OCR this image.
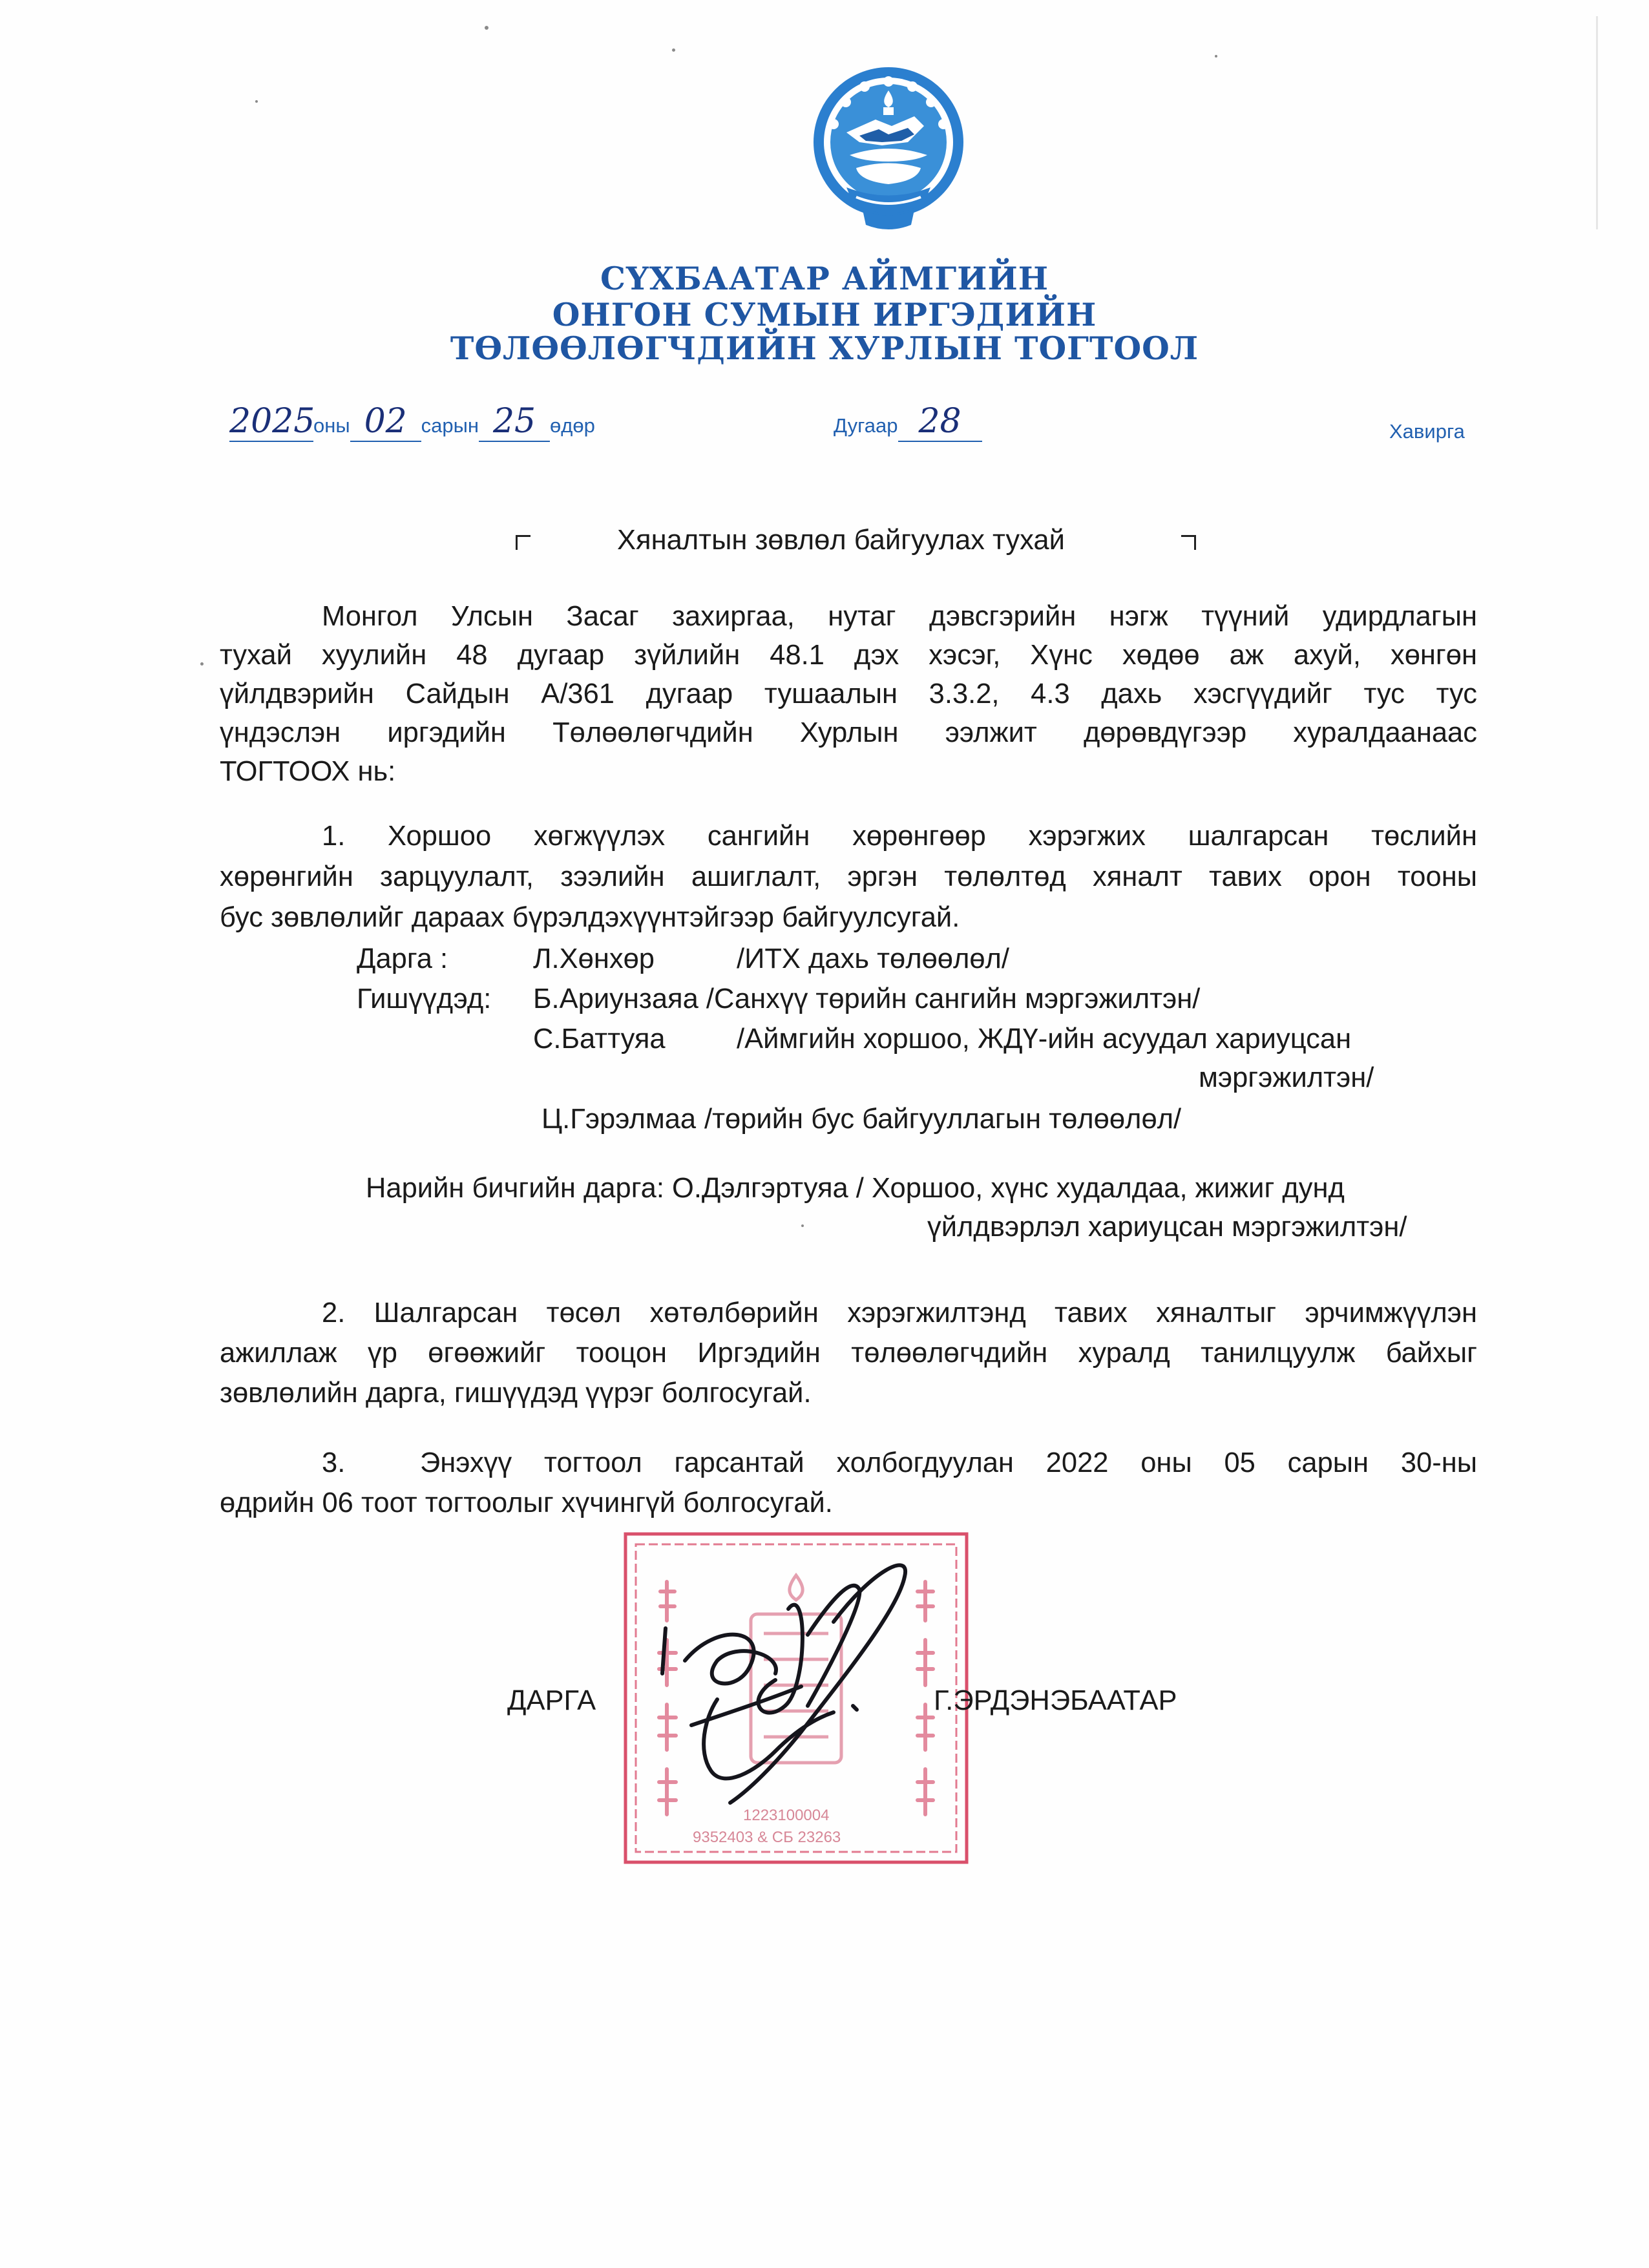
СҮХБААТАР АЙМГИЙН
ОНГОН СУМЫН ИРГЭДИЙН
ТӨЛӨӨЛӨГЧДИЙН ХУРЛЫН ТОГТООЛ
2025оны 02 сарын 25 өдөр	Дугаар 28	Хавирга
Хяналтын зөвлөл байгуулах тухай
Монгол Улсын Засаг захиргаа, нутаг дэвсгэрийн нэгж түүний удирдлагын
тухай хуулийн 48 дугаар зүйлийн 48.1 дэх хэсэг, Хүнс хөдөө аж ахуй, хөнгөн
үйлдвэрийн Сайдын А/361 дугаар тушаалын 3.3.2, 4.3 дахь хэсгүүдийг тус тус
үндэслэн иргэдийн Төлөөлөгчдийн Хурлын ээлжит дөрөвдүгээр хуралдаанаас
ТОГТООХ нь:
1. Хоршоо хөгжүүлэх сангийн хөрөнгөөр хэрэгжих шалгарсан төслийн
хөрөнгийн зарцуулалт, зээлийн ашиглалт, эргэн төлөлтөд хяналт тавих орон тооны
бус зөвлөлийг дараах бүрэлдэхүүнтэйгээр байгуулсугай.
Дарга :	Л.Хөнхөр	/ИТХ дахь төлөөлөл/
Гишүүдэд: Б.Ариунзаяа /Санхүү төрийн сангийн мэргэжилтэн/
С.Баттуяа	/Аймгийн хоршоо, ЖДҮ-ийн асуудал хариуцсан
мэргэжилтэн/
Ц.Гэрэлмаа /төрийн бус байгууллагын төлөөлөл/
Нарийн бичгийн дарга: О.Дэлгэртуяа / Хоршоо, хүнс худалдаа, жижиг дунд
үйлдвэрлэл хариуцсан мэргэжилтэн/
2. Шалгарсан төсөл хөтөлбөрийн хэрэгжилтэнд тавих хяналтыг эрчимжүүлэн
ажиллаж үр өгөөжийг тооцон Иргэдийн төлөөлөгчдийн хуралд танилцуулж байхыг
зөвлөлийн дарга, гишүүдэд үүрэг болгосугай.
3.	Энэхүү тогтоол гарсантай холбогдуулан 2022 оны 05 сарын 30-ны
өдрийн 06 тоот тогтоолыг хүчингүй болгосугай.
1223100004
9352403 & СБ 23263
ДАРГА	Г.ЭРДЭНЭБААТАР
